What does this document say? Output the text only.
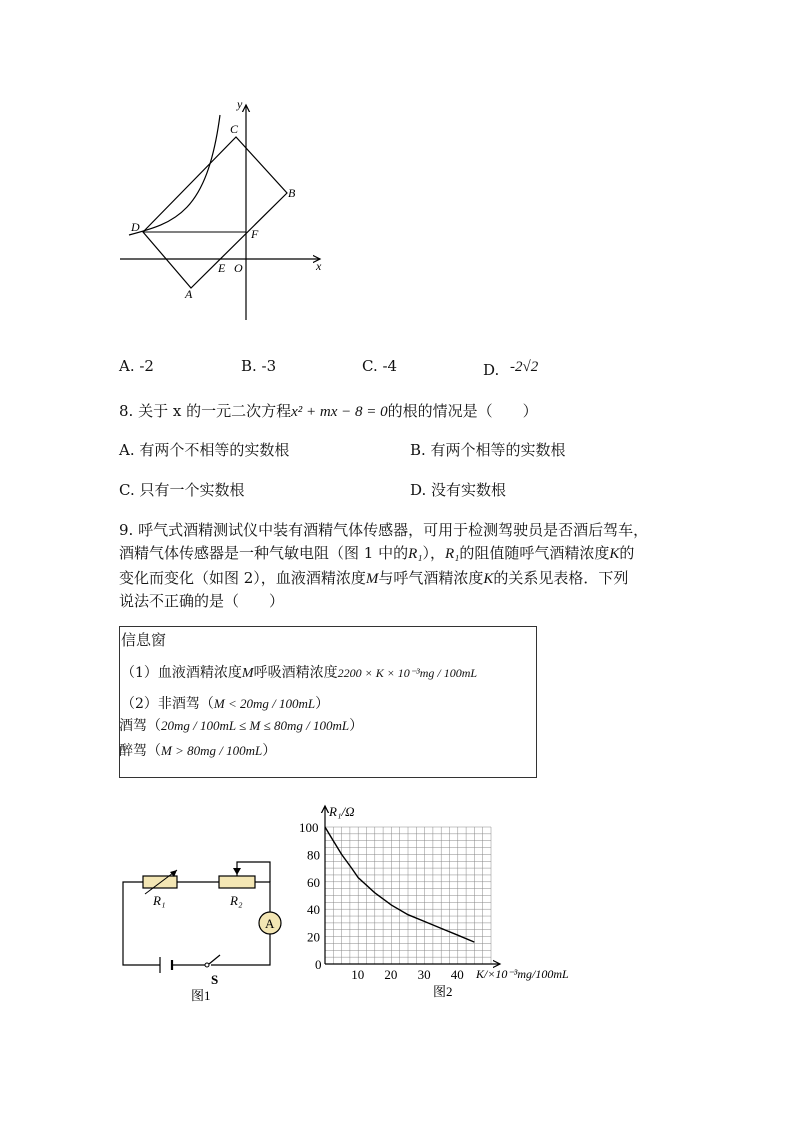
y
x
C
B
D	F
E O
A
A. -2	B. -3	C. -4	D. -2√2
8. 关于 x 的一元二次方程x² + mx − 8 = 0的根的情况是（　　）
A. 有两个不相等的实数根	B. 有两个相等的实数根
C. 只有一个实数根	D. 没有实数根
9. 呼气式酒精测试仪中装有酒精气体传感器，可用于检测驾驶员是否酒后驾车，
酒精气体传感器是一种气敏电阻（图 1 中的R₁），R₁的阻值随呼气酒精浓度K的
变化而变化（如图 2），血液酒精浓度M与呼气酒精浓度K的关系见表格．下列
说法不正确的是（　　）
信息窗
（1）血液酒精浓度M呼吸酒精浓度2200 × K × 10⁻³mg / 100mL
（2）非酒驾（M < 20mg / 100mL）
酒驾（20mg / 100mL ≤ M ≤ 80mg / 100mL）
醉驾（M > 80mg / 100mL）
A
R₁	R₂
S
图1
10 20 30 40
0
20
40
60
80
100
R₁/Ω
K/×10⁻³mg/100mL
图2
